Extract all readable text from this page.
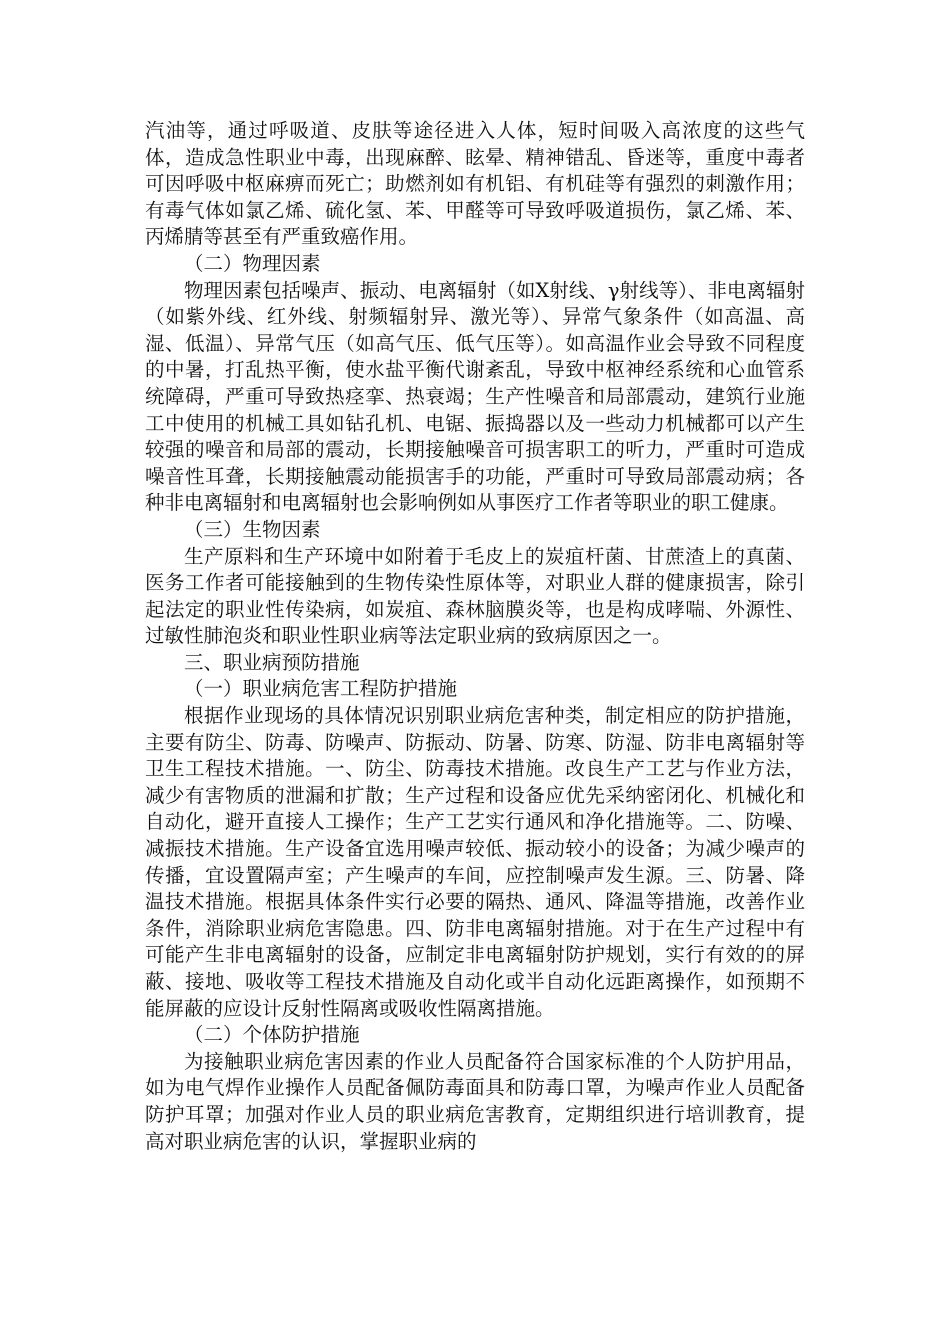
汽油等，通过呼吸道、皮肤等途径进入人体，短时间吸入高浓度的这些气体，造成急性职业中毒，出现麻醉、眩晕、精神错乱、昏迷等，重度中毒者可因呼吸中枢麻痹而死亡；助燃剂如有机铝、有机硅等有强烈的刺激作用；有毒气体如氯乙烯、硫化氢、苯、甲醛等可导致呼吸道损伤，氯乙烯、苯、丙烯腈等甚至有严重致癌作用。

（二）物理因素

物理因素包括噪声、振动、电离辐射（如X射线、γ射线等）、非电离辐射（如紫外线、红外线、射频辐射异、激光等）、异常气象条件（如高温、高湿、低温）、异常气压（如高气压、低气压等）。如高温作业会导致不同程度的中暑，打乱热平衡，使水盐平衡代谢紊乱，导致中枢神经系统和心血管系统障碍，严重可导致热痉挛、热衰竭；生产性噪音和局部震动，建筑行业施工中使用的机械工具如钻孔机、电锯、振捣器以及一些动力机械都可以产生较强的噪音和局部的震动，长期接触噪音可损害职工的听力，严重时可造成噪音性耳聋，长期接触震动能损害手的功能，严重时可导致局部震动病；各种非电离辐射和电离辐射也会影响例如从事医疗工作者等职业的职工健康。

（三）生物因素

生产原料和生产环境中如附着于毛皮上的炭疽杆菌、甘蔗渣上的真菌、医务工作者可能接触到的生物传染性原体等，对职业人群的健康损害，除引起法定的职业性传染病，如炭疽、森林脑膜炎等，也是构成哮喘、外源性、过敏性肺泡炎和职业性职业病等法定职业病的致病原因之一。

三、职业病预防措施

（一）职业病危害工程防护措施

根据作业现场的具体情况识别职业病危害种类，制定相应的防护措施，主要有防尘、防毒、防噪声、防振动、防暑、防寒、防湿、防非电离辐射等卫生工程技术措施。一、防尘、防毒技术措施。改良生产工艺与作业方法，减少有害物质的泄漏和扩散；生产过程和设备应优先采纳密闭化、机械化和自动化，避开直接人工操作；生产工艺实行通风和净化措施等。二、防噪、减振技术措施。生产设备宜选用噪声较低、振动较小的设备；为减少噪声的传播，宜设置隔声室；产生噪声的车间，应控制噪声发生源。三、防暑、降温技术措施。根据具体条件实行必要的隔热、通风、降温等措施，改善作业条件，消除职业病危害隐患。四、防非电离辐射措施。对于在生产过程中有可能产生非电离辐射的设备，应制定非电离辐射防护规划，实行有效的的屏蔽、接地、吸收等工程技术措施及自动化或半自动化远距离操作，如预期不能屏蔽的应设计反射性隔离或吸收性隔离措施。

（二）个体防护措施

为接触职业病危害因素的作业人员配备符合国家标准的个人防护用品，如为电气焊作业操作人员配备佩防毒面具和防毒口罩，为噪声作业人员配备防护耳罩；加强对作业人员的职业病危害教育，定期组织进行培训教育，提高对职业病危害的认识，掌握职业病的
